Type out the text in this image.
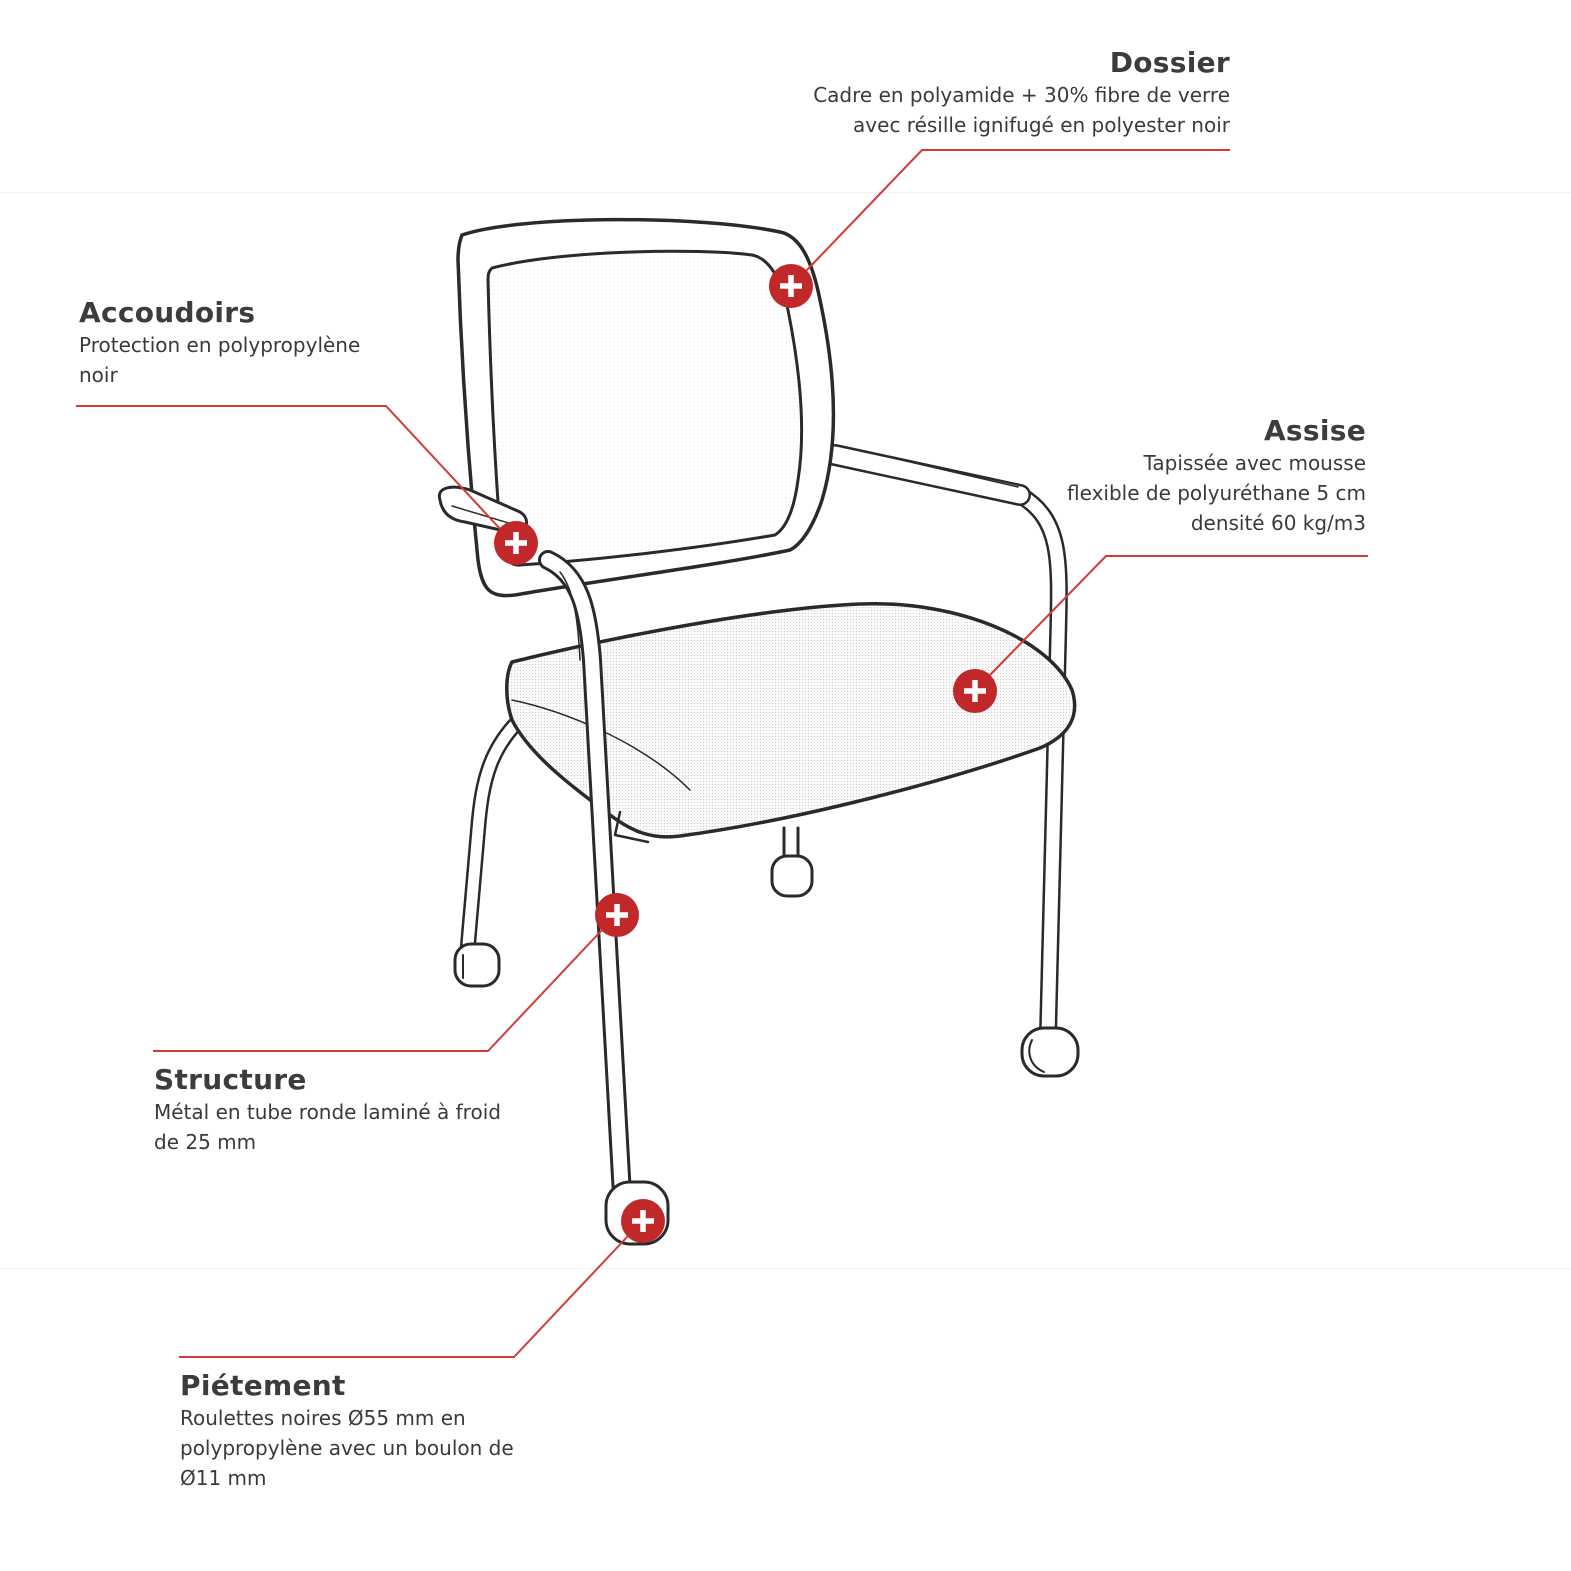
Dossier
Cadre en polyamide + 30% fibre de verre
avec résille ignifugé en polyester noir
Accoudoirs
Protection en polypropylène
noir
Assise
Tapissée avec mousse
flexible de polyuréthane 5 cm
densité 60 kg/m3
Structure
Métal en tube ronde laminé à froid
de 25 mm
Piétement
Roulettes noires Ø55 mm en
polypropylène avec un boulon de
Ø11 mm
